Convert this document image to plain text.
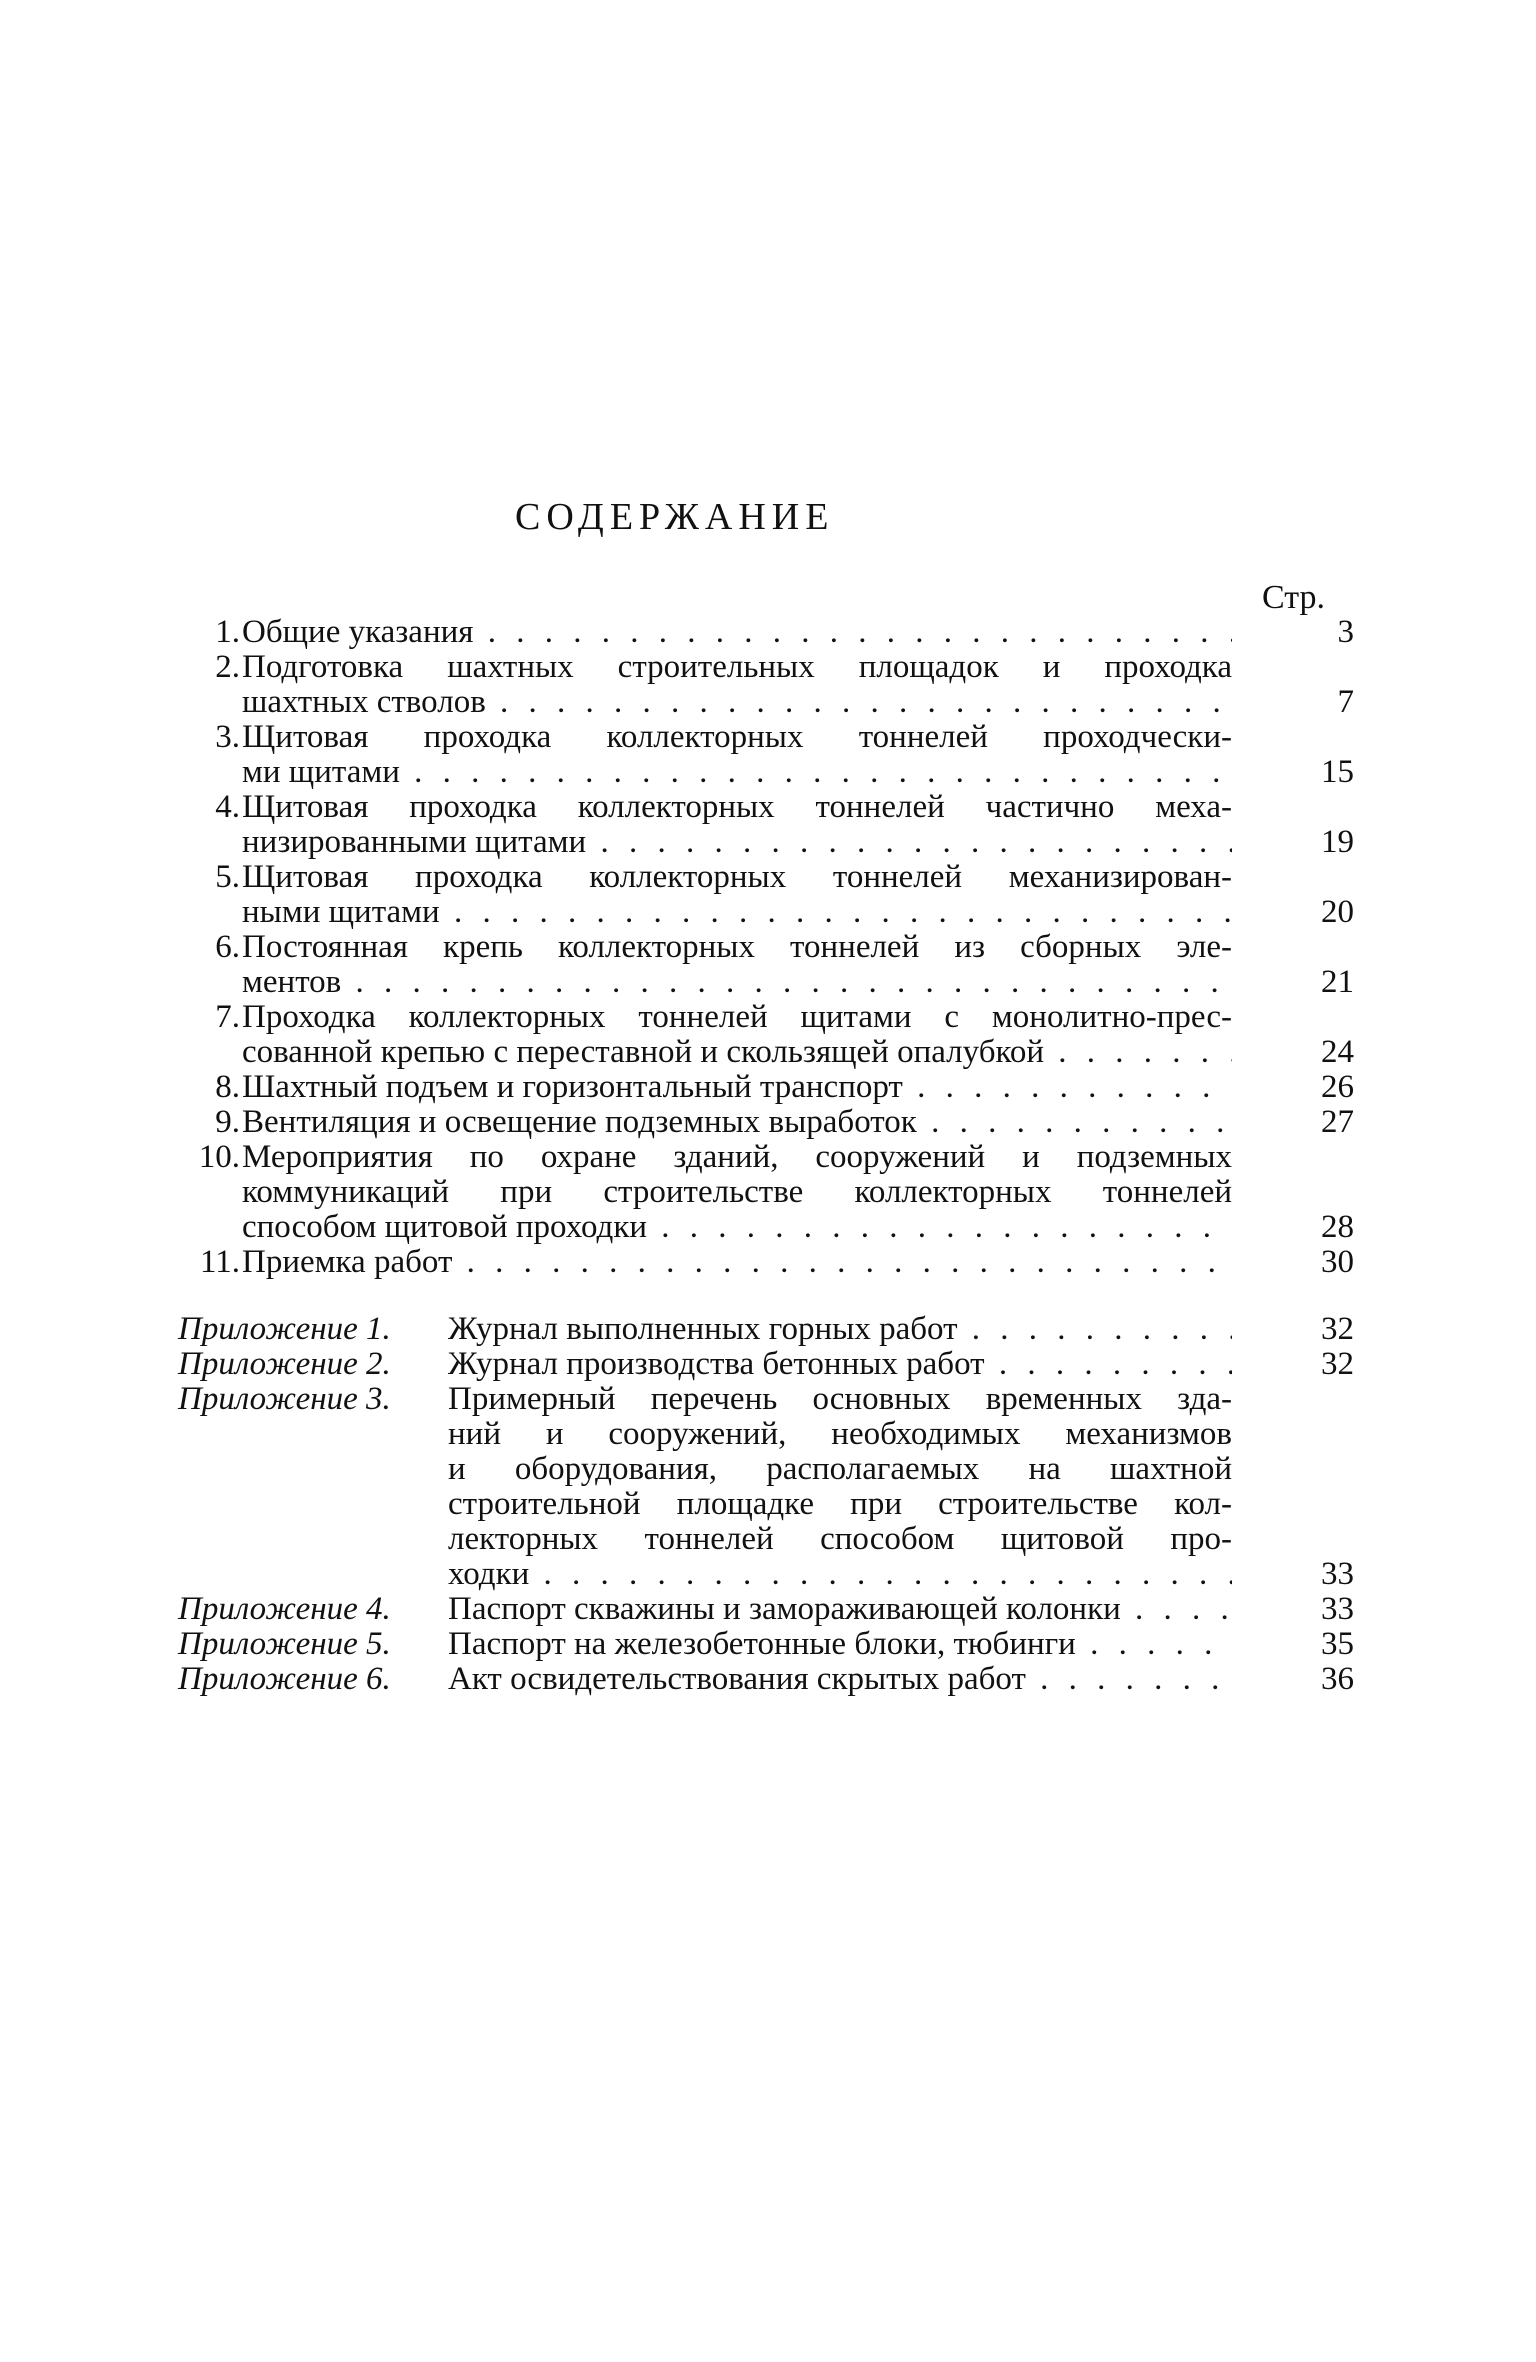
СОДЕРЖАНИЕ
Стр.
1. Общие указания . . .	3
2. Подготовка шахтных строительных площадок и проходка
шахтных стволов . . .	7
3. Щитовая проходка коллекторных тоннелей проходчески-
ми щитами . . .	15
4. Щитовая проходка коллекторных тоннелей частично меха-
низированными щитами . . .	19
5. Щитовая проходка коллекторных тоннелей механизирован-
ными щитами . . .	20
6. Постоянная крепь коллекторных тоннелей из сборных эле-
ментов . . .	21
7. Проходка коллекторных тоннелей щитами с монолитно-прес-
сованной крепью с переставной и скользящей опалубкой . . .	24
8. Шахтный подъем и горизонтальный транспорт . . .	26
9. Вентиляция и освещение подземных выработок . . .	27
10. Мероприятия по охране зданий, сооружений и подземных
коммуникаций при строительстве коллекторных тоннелей
способом щитовой проходки . . .	28
11. Приемка работ . . .	30
Приложение 1. Журнал выполненных горных работ . . .	32
Приложение 2. Журнал производства бетонных работ . . .	32
Приложение 3. Примерный перечень основных временных зда-
ний и сооружений, необходимых механизмов
и оборудования, располагаемых на шахтной
строительной площадке при строительстве кол-
лекторных тоннелей способом щитовой про-
ходки . . .	33
Приложение 4. Паспорт скважины и замораживающей колонки . . .	33
Приложение 5. Паспорт на железобетонные блоки, тюбинги . . .	35
Приложение 6. Акт освидетельствования скрытых работ . . .	36
